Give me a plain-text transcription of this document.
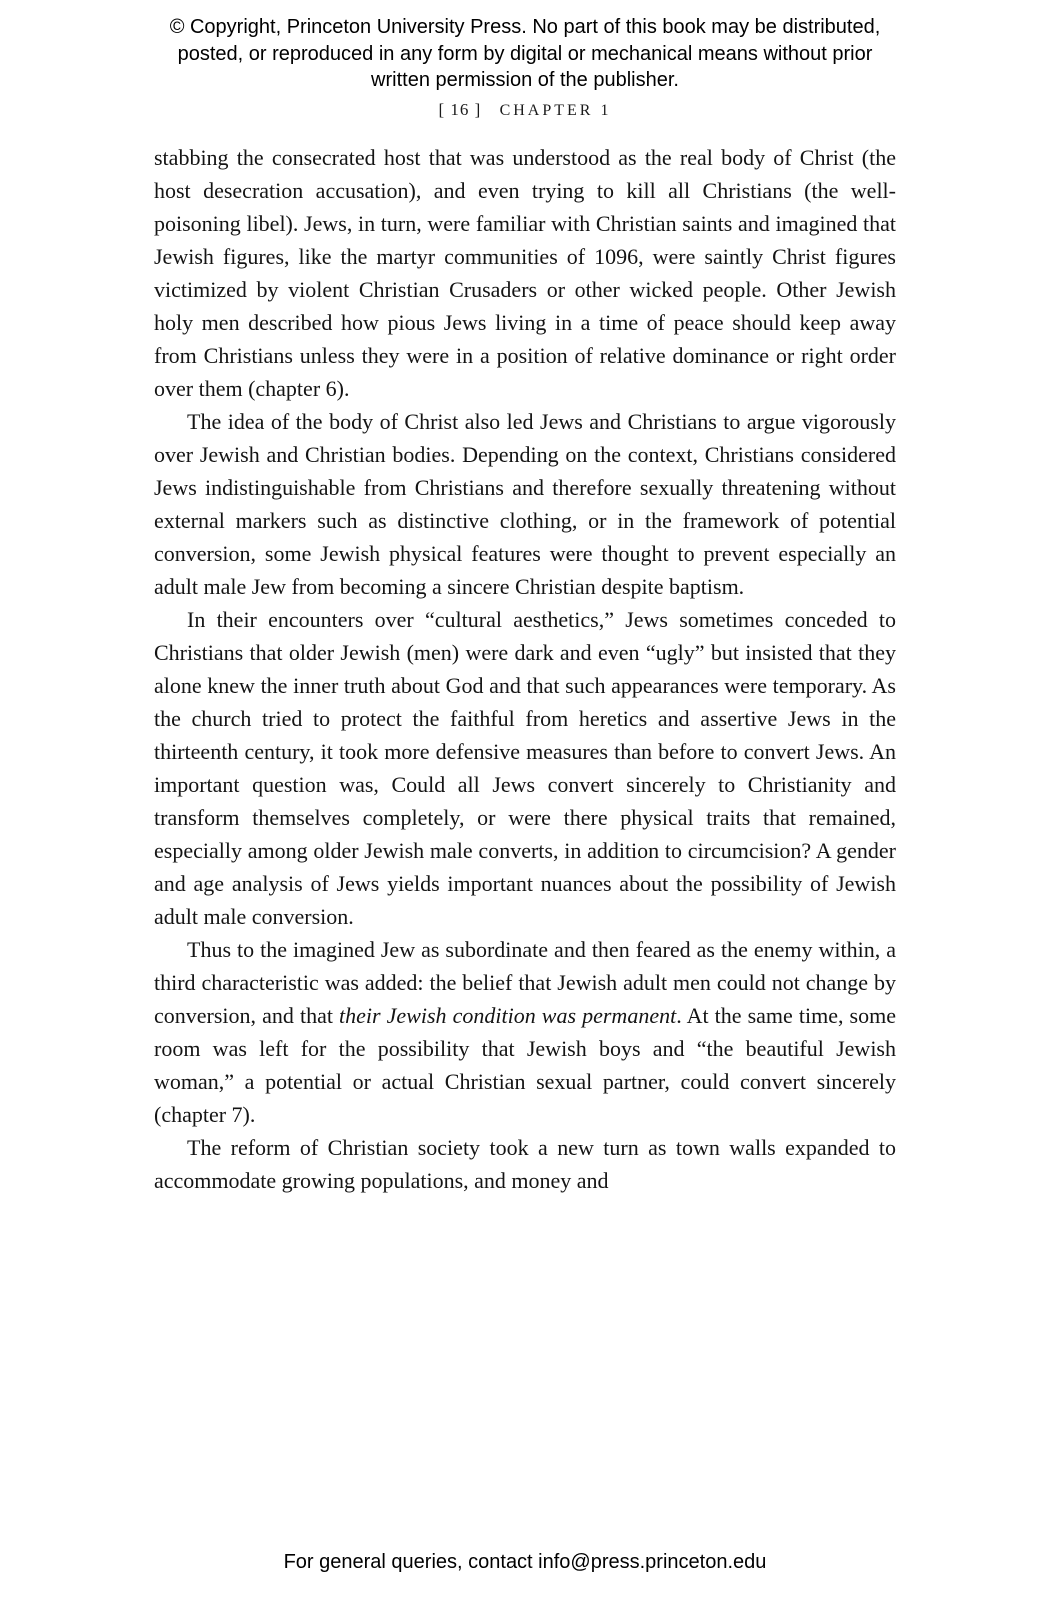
© Copyright, Princeton University Press. No part of this book may be distributed, posted, or reproduced in any form by digital or mechanical means without prior written permission of the publisher.
[ 16 ] CHAPTER 1

stabbing the consecrated host that was understood as the real body of Christ (the host desecration accusation), and even trying to kill all Christians (the well-poisoning libel). Jews, in turn, were familiar with Christian saints and imagined that Jewish figures, like the martyr communities of 1096, were saintly Christ figures victimized by violent Christian Crusaders or other wicked people. Other Jewish holy men described how pious Jews living in a time of peace should keep away from Christians unless they were in a position of relative dominance or right order over them (chapter 6).

The idea of the body of Christ also led Jews and Christians to argue vigorously over Jewish and Christian bodies. Depending on the context, Christians considered Jews indistinguishable from Christians and therefore sexually threatening without external markers such as distinctive clothing, or in the framework of potential conversion, some Jewish physical features were thought to prevent especially an adult male Jew from becoming a sincere Christian despite baptism.

In their encounters over “cultural aesthetics,” Jews sometimes conceded to Christians that older Jewish (men) were dark and even “ugly” but insisted that they alone knew the inner truth about God and that such appearances were temporary. As the church tried to protect the faithful from heretics and assertive Jews in the thirteenth century, it took more defensive measures than before to convert Jews. An important question was, Could all Jews convert sincerely to Christianity and transform themselves completely, or were there physical traits that remained, especially among older Jewish male converts, in addition to circumcision? A gender and age analysis of Jews yields important nuances about the possibility of Jewish adult male conversion.

Thus to the imagined Jew as subordinate and then feared as the enemy within, a third characteristic was added: the belief that Jewish adult men could not change by conversion, and that their Jewish condition was permanent. At the same time, some room was left for the possibility that Jewish boys and “the beautiful Jewish woman,” a potential or actual Christian sexual partner, could convert sincerely (chapter 7).

The reform of Christian society took a new turn as town walls expanded to accommodate growing populations, and money and

For general queries, contact info@press.princeton.edu
